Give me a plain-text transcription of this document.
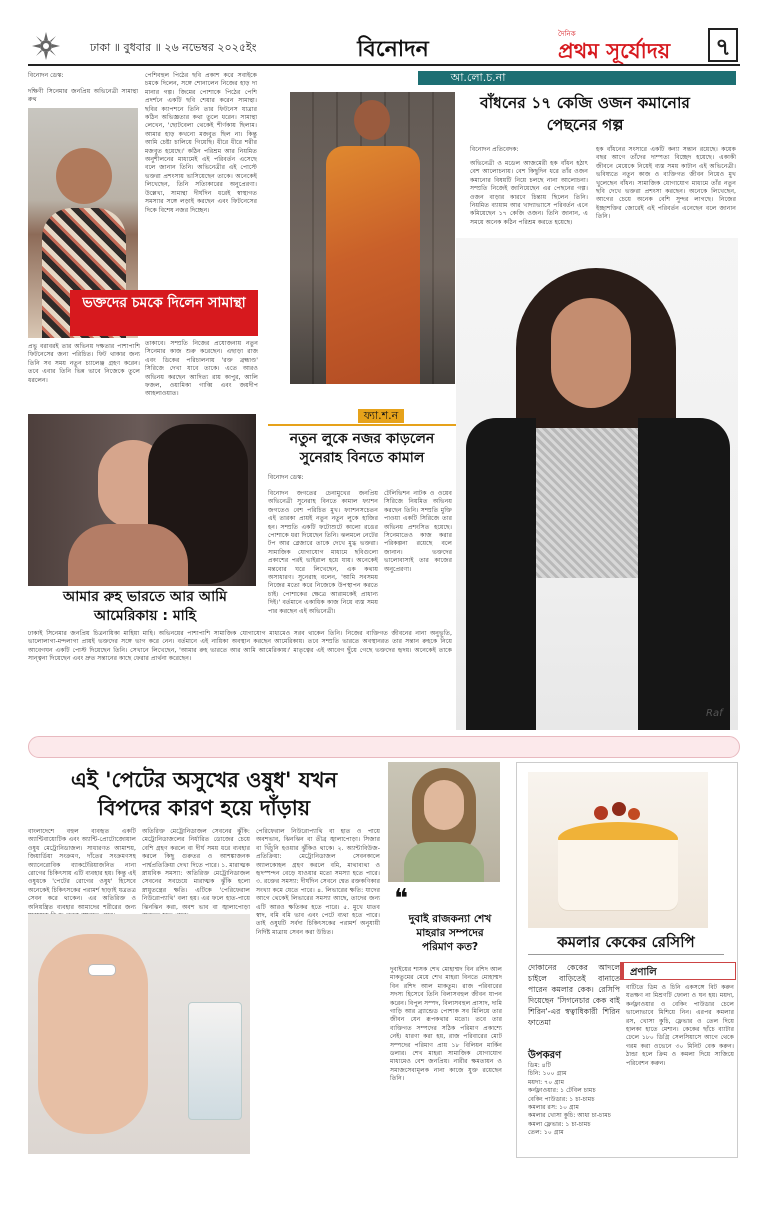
ঢাকা ॥ বুধবার ॥ ২৬ নভেম্বর ২০২৫ইং	বিনোদন
দৈনিক
প্রথম সূর্যোদয় ৭
বিনোদন ডেস্ক:
দক্ষিণী সিনেমার জনপ্রিয় অভিনেত্রী সামান্থা রুথ
পেশিবহুল পিঠের ছবি প্রকাশ করে সবাইকে চমকে দিলেন, সঙ্গে শোনালেন নিজের হাড় দা মানার গল্প। জিমের পোশাকে পিঠের পেশি প্রদর্শনে একটি ছবি শেয়ার করেন সামান্থা। ছবির ক্যাপশনে তিনি তার ফিটনেস যাত্রার কঠিন অভিজ্ঞতার কথা তুলে ধরেন। সামান্থা লেখেন, 'ছোটবেলা থেকেই শীর্ণকায় ছিলাম। আমার হাড় কখনো মজবুত ছিল না। কিন্তু আমি চেষ্টা চালিয়ে গিয়েছি। ধীরে ধীরে শরীর মজবুত হয়েছে।' কঠিন পরিশ্রম আর নিয়মিত অনুশীলনের মাধ্যমেই এই পরিবর্তন এসেছে বলে জানান তিনি। অভিনেত্রীর এই পোস্টে ভক্তরা প্রশংসায় ভাসিয়েছেন তাকে। অনেকেই লিখেছেন, তিনি সত্যিকারের অনুপ্রেরণা। উল্লেখ্য, সামান্থা দীর্ঘদিন ধরেই স্বাস্থ্যগত সমস্যার সঙ্গে লড়াই করছেন এবং ফিটনেসের দিকে বিশেষ নজর দিচ্ছেন।
ভক্তদের চমকে দিলেন সামান্থা
তাকাবে। সম্প্রতি নিজের প্রযোজনায় নতুন সিনেমার কাজ শুরু করেছেন। এছাড়া রাজ এবং ডিকের পরিচালনায় 'রক্ত ব্রহ্মাণ্ড' সিরিজে দেখা যাবে তাকে। এতে আরও অভিনয় করছেন আদিত্য রায় কাপুর, আলি ফজল, ওয়ামিকা গাব্বি এবং জয়দীপ আহলাওয়াত।
প্রভু বরাবরই তার অভিনয় দক্ষতার পাশাপাশি ফিটনেসের জন্য পরিচিত। ফিট থাকার জন্য তিনি সব সময় নতুন চ্যালেঞ্জ গ্রহণ করেন। তবে এবার তিনি ভিন্ন ভাবে নিজেকে তুলে ধরলেন।
আ.লো.চ.না
বাঁধনের ১৭ কেজি ওজন কমানোর পেছনের গল্প
বিনোদন প্রতিবেদক:
অভিনেত্রী ও মডেল আজমেরী হক বাঁধন হঠাৎ বেশ আলোচনায়। বেশ কিছুদিন ধরে তাঁর ওজন কমানোর বিষয়টি নিয়ে চলছে নানা আলোচনা। সম্প্রতি নিজেই জানিয়েছেন এর পেছনের গল্প। ওজন বাড়ার কারণে চিন্তায় ছিলেন তিনি। নিয়মিত ব্যায়াম আর খাদ্যাভ্যাসে পরিবর্তন এনে কমিয়েছেন ১৭ কেজি ওজন। তিনি জানান, এ সময়ে অনেক কঠিন পরিশ্রম করতে হয়েছে।
হক বাঁধনের সংসারে একটি কন্যা সন্তান রয়েছে। কয়েক বছর আগে তাঁদের দাম্পত্য বিচ্ছেদ হয়েছে। একাকী জীবনে মেয়েকে নিয়েই ব্যস্ত সময় কাটান এই অভিনেত্রী। ভবিষ্যতে নতুন কাজ ও ব্যক্তিগত জীবন নিয়েও মুখ খুলেছেন বাঁধন। সামাজিক যোগাযোগ মাধ্যমে তাঁর নতুন ছবি দেখে ভক্তরা প্রশংসা করছেন। অনেকে লিখেছেন, আগের চেয়ে অনেক বেশি সুন্দর লাগছে। নিজের ইচ্ছাশক্তির জোরেই এই পরিবর্তন এনেছেন বলে জানান তিনি।
Raf
আমার রুহ ভারতে আর আমি আমেরিকায় : মাহি
ঢাকাই সিনেমার জনপ্রিয় চিত্রনায়িকা মাহিয়া মাহি। অভিনয়ের পাশাপাশি সামাজিক যোগাযোগ মাধ্যমেও সরব থাকেন তিনি। নিজের ব্যক্তিগত জীবনের নানা অনুভূতি, ভালোলাগা-মন্দলাগা প্রায়ই ভক্তদের সঙ্গে ভাগ করে নেন। বর্তমানে এই নায়িকা অবস্থান করছেন আমেরিকায়। তবে সম্প্রতি ভারতে অবস্থানরত তার সন্তান রুহকে নিয়ে আবেগঘন একটি পোস্ট দিয়েছেন তিনি। সেখানে লিখেছেন, 'আমার রুহ ভারতে আর আমি আমেরিকায়।' মাতৃত্বের এই আবেগ ছুঁয়ে গেছে ভক্তদের হৃদয়। অনেকেই তাকে সান্ত্বনা দিয়েছেন এবং দ্রুত সন্তানের কাছে ফেরার প্রার্থনা করেছেন।
ফ্যা.শ.ন
নতুন লুকে নজর কাড়লেন সুনেরাহ বিনতে কামাল
বিনোদন ডেস্ক:
বিনোদন জগতের চেনামুখের জনপ্রিয় অভিনেত্রী সুনেরাহ বিনতে কামাল ফ্যাশন জগতেও বেশ পরিচিত মুখ। ফ্যাশনসচেতন এই তারকা প্রায়ই নতুন নতুন লুকে হাজির হন। সম্প্রতি একটি ফটোশুটে কালো রঙের পোশাকে ধরা দিয়েছেন তিনি। ঝলমলে নেটের টপ আর ব্লেজারে তাকে দেখে মুগ্ধ ভক্তরা। সামাজিক যোগাযোগ মাধ্যমে ছবিগুলো প্রকাশের পরই ভাইরাল হয়ে যায়। অনেকেই মন্তব্যের ঘরে লিখেছেন, এক কথায় অসাধারণ। সুনেরাহ বলেন, 'আমি সবসময় নিজের মতো করে নিজেকে উপস্থাপন করতে চাই। পোশাকের ক্ষেত্রে আরামকেই প্রাধান্য দিই।' বর্তমানে একাধিক কাজ নিয়ে ব্যস্ত সময় পার করছেন এই অভিনেত্রী।
টেলিভিশন নাটক ও ওয়েব সিরিজে নিয়মিত অভিনয় করছেন তিনি। সম্প্রতি মুক্তি পাওয়া একটি সিরিজে তার অভিনয় প্রশংসিত হয়েছে। সিনেমাতেও কাজ করার পরিকল্পনা রয়েছে বলে জানান। ভক্তদের ভালোবাসাই তার কাজের অনুপ্রেরণা।
এই 'পেটের অসুখের ওষুধ' যখন
বিপদের কারণ হয়ে দাঁড়ায়
বাংলাদেশে বহুল ব্যবহৃত একটি অ্যান্টিবায়োটিক এবং অ্যান্টি-প্রোটোজোয়াল ওষুধ মেট্রোনিডাজল। সাধারণত আমাশয়, জিয়ার্ডিয়া সংক্রমণ, দাঁতের সংক্রমণসহ অ্যানেরোবিক ব্যাকটেরিয়াজনিত নানা রোগের চিকিৎসায় এটি ব্যবহার হয়। কিন্তু এই ওষুধকে 'পেটের রোগের ওষুধ' হিসেবে অনেকেই চিকিৎসকের পরামর্শ ছাড়াই যত্রতত্র সেবন করে থাকেন। এর অতিরিক্ত ও অনিয়ন্ত্রিত ব্যবহার আমাদের শরীরের জন্য
অতিরিক্ত মেট্রোনিডাজল সেবনের ঝুঁকি: মেট্রোনিডাজলের নির্ধারিত ডোজের চেয়ে বেশি গ্রহণ করলে বা দীর্ঘ সময় ধরে ব্যবহার করলে কিছু গুরুতর ও আশঙ্কাজনক পার্শ্বপ্রতিক্রিয়া দেখা দিতে পারে। ১. মারাত্মক স্নায়বিক সমস্যা: অতিরিক্ত মেট্রোনিডাজল সেবনের সবচেয়ে মারাত্মক ঝুঁকি হলো স্নায়ুতন্ত্রের ক্ষতি। এটিকে 'পেরিফেরাল নিউরোপ্যাথি' বলা হয়। এর ফলে হাত-পায়ে ঝিনঝিন করা, অবশ ভাব বা জ্বালাপোড়া
পেরিফেরাল নিউরোপ্যাথি বা হাত ও পায়ে অবশভাব, ঝিনঝিন বা তীব্র জ্বালাপোড়া। সিজার বা খিঁচুনি হওয়ার ঝুঁকিও থাকে। ২. অ্যান্টাবিউজ-প্রতিক্রিয়া: মেট্রোনিডাজল সেবনকালে অ্যালকোহল গ্রহণ করলে বমি, মাথাব্যথা ও হৃদস্পন্দন বেড়ে যাওয়ার মতো সমস্যা হতে পারে। ৩. রক্তের সমস্যা: দীর্ঘদিন সেবনে শ্বেত রক্তকণিকার সংখ্যা কমে যেতে পারে। ৪. লিভারের ক্ষতি: যাদের আগে থেকেই লিভারের সমস্যা আছে, তাদের জন্য এটি আরও ক্ষতিকর হতে পারে। ৫. মুখে ধাতব স্বাদ, বমি বমি ভাব এবং পেটে ব্যথা হতে পারে। তাই ওষুধটি সর্বদা চিকিৎসকের পরামর্শ অনুযায়ী নির্দিষ্ট মাত্রায় সেবন করা উচিত।
❝
দুবাই রাজকন্যা শেখ মাহরার সম্পদের পরিমাণ কত?
দুবাইয়ের শাসক শেখ মোহাম্মদ বিন রশিদ আল মাকতুমের মেয়ে শেখ মাহরা বিনতে মোহাম্মদ বিন রশিদ আল মাকতুম। রাজ পরিবারের সদস্য হিসেবে তিনি বিলাসবহুল জীবন যাপন করেন। বিপুল সম্পদ, বিলাসবহুল প্রাসাদ, দামি গাড়ি আর ব্র্যান্ডেড পোশাক সব মিলিয়ে তার জীবন যেন রূপকথার মতো। তবে তার ব্যক্তিগত সম্পদের সঠিক পরিমাণ প্রকাশ্যে নেই। ধারণা করা হয়, রাজ পরিবারের মোট সম্পদের পরিমাণ প্রায় ১৮ বিলিয়ন মার্কিন ডলার। শেখ মাহরা সামাজিক যোগাযোগ মাধ্যমেও বেশ জনপ্রিয়। নারীর ক্ষমতায়ন ও সমাজসেবামূলক নানা কাজে যুক্ত রয়েছেন তিনি।
কমলার কেকের রেসিপি
দোকানের কেকের আদলে চাইলে বাড়িতেই বানাতে পারেন কমলার কেক। রেসিপি দিয়েছেন 'সিগনেচার কেক বাই শিরিন'-এর স্বত্বাধিকারী শিরিন ফাতেমা
উপকরণ
ডিম: ৪টি
চিনি: ১০০ গ্রাম
ময়দা: ৭০ গ্রাম
কর্নফ্লাওয়ার: ১ টেবিল চামচ
বেকিং পাউডার: ১ চা-চামচ
কমলার রস: ১০ গ্রাম
কমলার খোসা কুচি: আধা চা-চামচ
কমলা ফ্লেভার: ১ চা-চামচ
তেল: ১০ গ্রাম
প্রণালি
বাটিতে ডিম ও চিনি একসঙ্গে বিট করুন যতক্ষণ না মিশ্রণটি ফোলা ও ঘন হয়। ময়দা, কর্নফ্লাওয়ার ও বেকিং পাউডার চেলে ভালোভাবে মিশিয়ে নিন। এরপর কমলার রস, খোসা কুচি, ফ্লেভার ও তেল দিয়ে হালকা হাতে মেশান। কেকের ছাঁচে ব্যাটার ঢেলে ১৮০ ডিগ্রি সেলসিয়াসে আগে থেকে গরম করা ওভেনে ৩০ মিনিট বেক করুন। ঠান্ডা হলে ক্রিম ও কমলা দিয়ে সাজিয়ে পরিবেশন করুন।
